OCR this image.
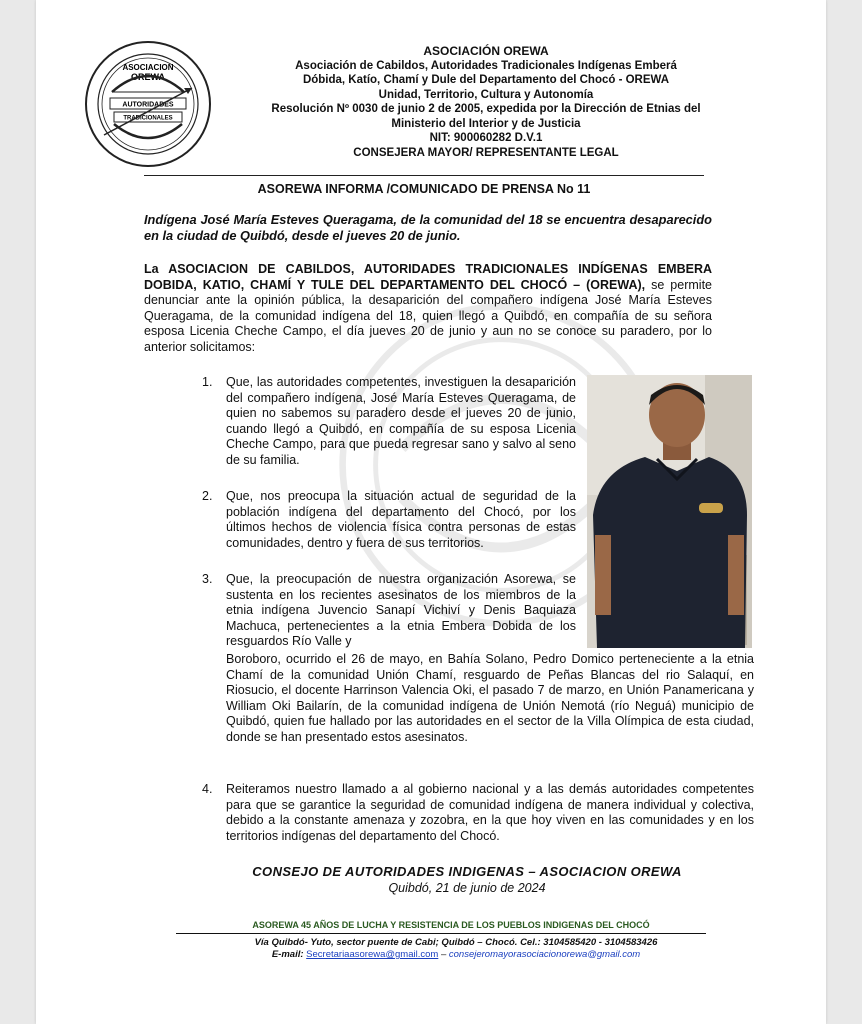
ASOCIACION
OREWA
AUTORIDADES
TRADICIONALES
ASOCIACIÓN OREWA
Asociación de Cabildos, Autoridades Tradicionales Indígenas Emberá
Dóbida, Katío, Chamí y Dule del Departamento del Chocó - OREWA
Unidad, Territorio, Cultura y Autonomía
Resolución Nº 0030 de junio 2 de 2005, expedida por la Dirección de Etnias del
Ministerio del Interior y de Justicia
NIT: 900060282 D.V.1
CONSEJERA MAYOR/ REPRESENTANTE LEGAL
ASOREWA INFORMA /COMUNICADO DE PRENSA No 11
Indígena José María Esteves Queragama, de la comunidad del 18 se encuentra desaparecido en la ciudad de Quibdó, desde el jueves 20 de junio.
La ASOCIACION DE CABILDOS, AUTORIDADES TRADICIONALES INDÍGENAS EMBERA DOBIDA, KATIO, CHAMÍ Y TULE DEL DEPARTAMENTO DEL CHOCÓ – (OREWA), se permite denunciar ante la opinión pública, la desaparición del compañero indígena José María Esteves Queragama, de la comunidad indígena del 18, quien llegó a Quibdó, en compañía de su señora esposa Licenia Cheche Campo, el día jueves 20 de junio y aun no se conoce su paradero, por lo anterior solicitamos:
1. Que, las autoridades competentes, investiguen la desaparición del compañero indígena, José María Esteves Queragama, de quien no sabemos su paradero desde el jueves 20 de junio, cuando llegó a Quibdó, en compañía de su esposa Licenia Cheche Campo, para que pueda regresar sano y salvo al seno de su familia.
2. Que, nos preocupa la situación actual de seguridad de la población indígena del departamento del Chocó, por los últimos hechos de violencia física contra personas de estas comunidades, dentro y fuera de sus territorios.
3. Que, la preocupación de nuestra organización Asorewa, se sustenta en los recientes asesinatos de los miembros de la etnia indígena Juvencio Sanapí Vichiví y Denis Baquiaza Machuca, pertenecientes a la etnia Embera Dobida de los resguardos Río Valle y
Boroboro, ocurrido el 26 de mayo, en Bahía Solano, Pedro Domico perteneciente a la etnia Chamí de la comunidad Unión Chamí, resguardo de Peñas Blancas del rio Salaquí, en Riosucio, el docente Harrinson Valencia Oki, el pasado 7 de marzo, en Unión Panamericana y William Oki Bailarín, de la comunidad indígena de Unión Nemotá (río Neguá) municipio de Quibdó, quien fue hallado por las autoridades en el sector de la Villa Olímpica de esta ciudad, donde se han presentado estos asesinatos.
4. Reiteramos nuestro llamado a al gobierno nacional y a las demás autoridades competentes para que se garantice la seguridad de comunidad indígena de manera individual y colectiva, debido a la constante amenaza y zozobra, en la que hoy viven en las comunidades y en los territorios indígenas del departamento del Chocó.
CONSEJO DE AUTORIDADES INDIGENAS – ASOCIACION OREWA
Quibdó, 21 de junio de 2024
ASOREWA 45 AÑOS DE LUCHA Y RESISTENCIA DE LOS PUEBLOS INDIGENAS DEL CHOCÓ
Vía Quibdó- Yuto, sector puente de Cabi; Quibdó – Chocó. Cel.: 3104585420 - 3104583426
E-mail: Secretariaasorewa@gmail.com – consejeromayorasociacionorewa@gmail.com
